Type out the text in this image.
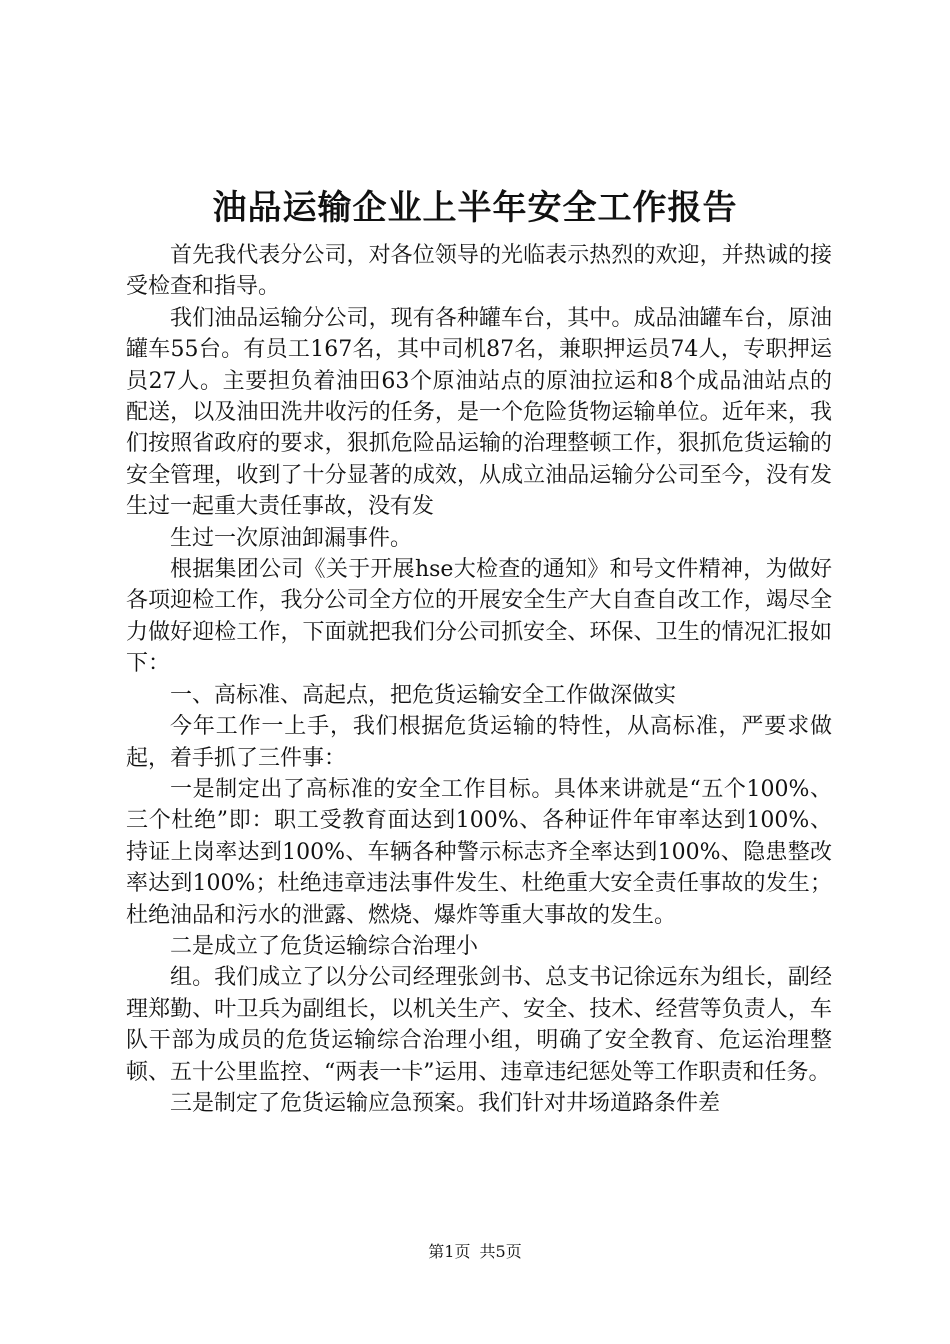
油品运输企业上半年安全工作报告

首先我代表分公司，对各位领导的光临表示热烈的欢迎，并热诚的接受检查和指导。

我们油品运输分公司，现有各种罐车台，其中。成品油罐车台，原油罐车55台。有员工167名，其中司机87名，兼职押运员74人，专职押运员27人。主要担负着油田63个原油站点的原油拉运和8个成品油站点的配送，以及油田洗井收污的任务，是一个危险货物运输单位。近年来，我们按照省政府的要求，狠抓危险品运输的治理整顿工作，狠抓危货运输的安全管理，收到了十分显著的成效，从成立油品运输分公司至今，没有发生过一起重大责任事故，没有发

生过一次原油卸漏事件。

根据集团公司《关于开展hse大检查的通知》和号文件精神，为做好各项迎检工作，我分公司全方位的开展安全生产大自查自改工作，竭尽全力做好迎检工作，下面就把我们分公司抓安全、环保、卫生的情况汇报如下：

一、高标准、高起点，把危货运输安全工作做深做实

今年工作一上手，我们根据危货运输的特性，从高标准，严要求做起，着手抓了三件事：

一是制定出了高标准的安全工作目标。具体来讲就是“五个100%、三个杜绝”即：职工受教育面达到100%、各种证件年审率达到100%、持证上岗率达到100%、车辆各种警示标志齐全率达到100%、隐患整改率达到100%；杜绝违章违法事件发生、杜绝重大安全责任事故的发生；杜绝油品和污水的泄露、燃烧、爆炸等重大事故的发生。

二是成立了危货运输综合治理小

组。我们成立了以分公司经理张剑书、总支书记徐远东为组长，副经理郑勤、叶卫兵为副组长，以机关生产、安全、技术、经营等负责人，车队干部为成员的危货运输综合治理小组，明确了安全教育、危运治理整顿、五十公里监控、“两表一卡”运用、违章违纪惩处等工作职责和任务。

三是制定了危货运输应急预案。我们针对井场道路条件差

第1页 共5页
